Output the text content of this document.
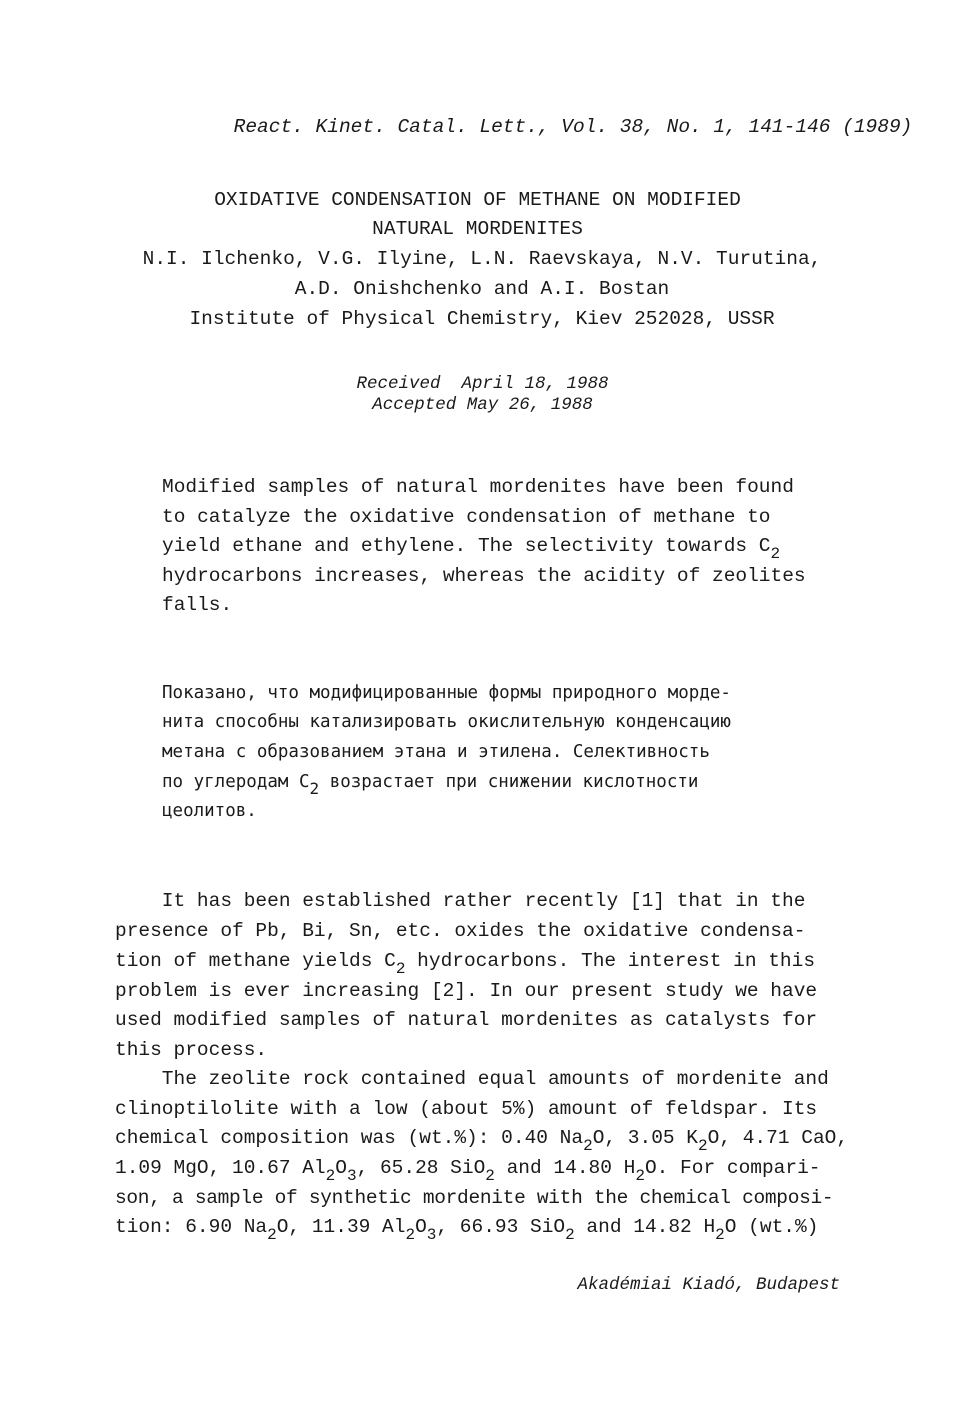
React. Kinet. Catal. Lett., Vol. 38, No. 1, 141-146 (1989)
OXIDATIVE CONDENSATION OF METHANE ON MODIFIED
NATURAL MORDENITES
N.I. Ilchenko, V.G. Ilyine, L.N. Raevskaya, N.V. Turutina,
A.D. Onishchenko and A.I. Bostan
Institute of Physical Chemistry, Kiev 252028, USSR
Received  April 18, 1988
Accepted May 26, 1988
Modified samples of natural mordenites have been found
to catalyze the oxidative condensation of methane to
yield ethane and ethylene. The selectivity towards $C_2$
hydrocarbons increases, whereas the acidity of zeolites
falls.
Показано, что модифицированные формы природного морде-
нита способны катализировать окислительную конденсацию
метана с образованием этана и этилена. Селективность
по углеродам $C_2$ возрастает при снижении кислотности
цеолитов.
It has been established rather recently [1] that in the
presence of Pb, Bi, Sn, etc. oxides the oxidative condensa-
tion of methane yields $C_2$ hydrocarbons. The interest in this
problem is ever increasing [2]. In our present study we have
used modified samples of natural mordenites as catalysts for
this process.
The zeolite rock contained equal amounts of mordenite and
clinoptilolite with a low (about 5%) amount of feldspar. Its
chemical composition was (wt.%): 0.40 $Na_2O$, 3.05 $K_2O$, 4.71 CaO,
1.09 MgO, 10.67 $Al_2O_3$, 65.28 SiO$_2$ and 14.80 $H_2O$. For compari-
son, a sample of synthetic mordenite with the chemical composi-
tion: 6.90 $Na_2O$, 11.39 $Al_2O_3$, 66.93 SiO$_2$ and 14.82 $H_2O$ (wt.%)
Akadémiai Kiadó, Budapest
